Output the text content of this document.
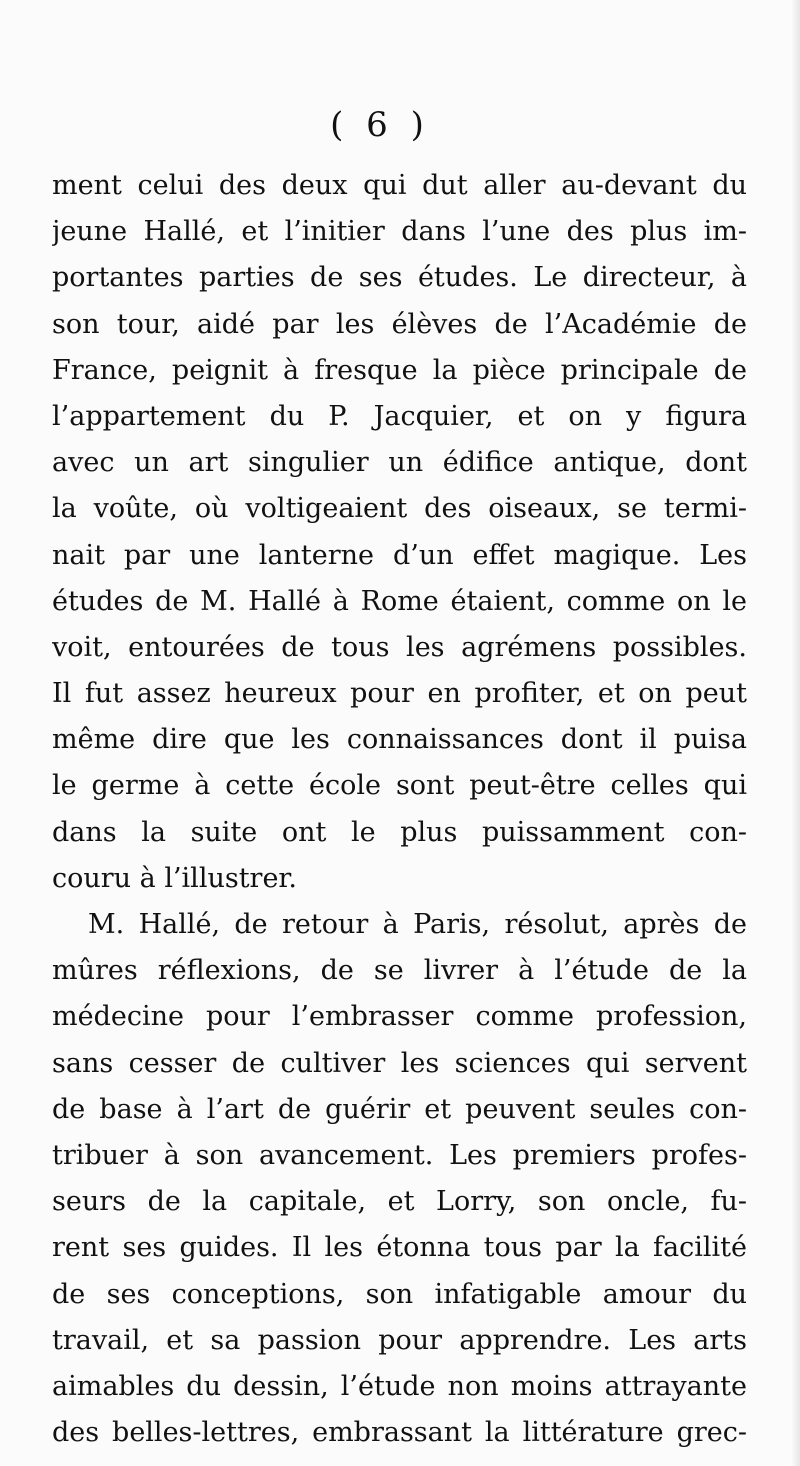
( 6 )
ment celui des deux qui dut aller au-devant du
jeune Hallé, et l’initier dans l’une des plus im-
portantes parties de ses études. Le directeur, à
son tour, aidé par les élèves de l’Académie de
France, peignit à fresque la pièce principale de
l’appartement du P. Jacquier, et on y figura
avec un art singulier un édifice antique, dont
la voûte, où voltigeaient des oiseaux, se termi-
nait par une lanterne d’un effet magique. Les
études de M. Hallé à Rome étaient, comme on le
voit, entourées de tous les agrémens possibles.
Il fut assez heureux pour en profiter, et on peut
même dire que les connaissances dont il puisa
le germe à cette école sont peut-être celles qui
dans la suite ont le plus puissamment con-
couru à l’illustrer.
M. Hallé, de retour à Paris, résolut, après de
mûres réflexions, de se livrer à l’étude de la
médecine pour l’embrasser comme profession,
sans cesser de cultiver les sciences qui servent
de base à l’art de guérir et peuvent seules con-
tribuer à son avancement. Les premiers profes-
seurs de la capitale, et Lorry, son oncle, fu-
rent ses guides. Il les étonna tous par la facilité
de ses conceptions, son infatigable amour du
travail, et sa passion pour apprendre. Les arts
aimables du dessin, l’étude non moins attrayante
des belles-lettres, embrassant la littérature grec-
